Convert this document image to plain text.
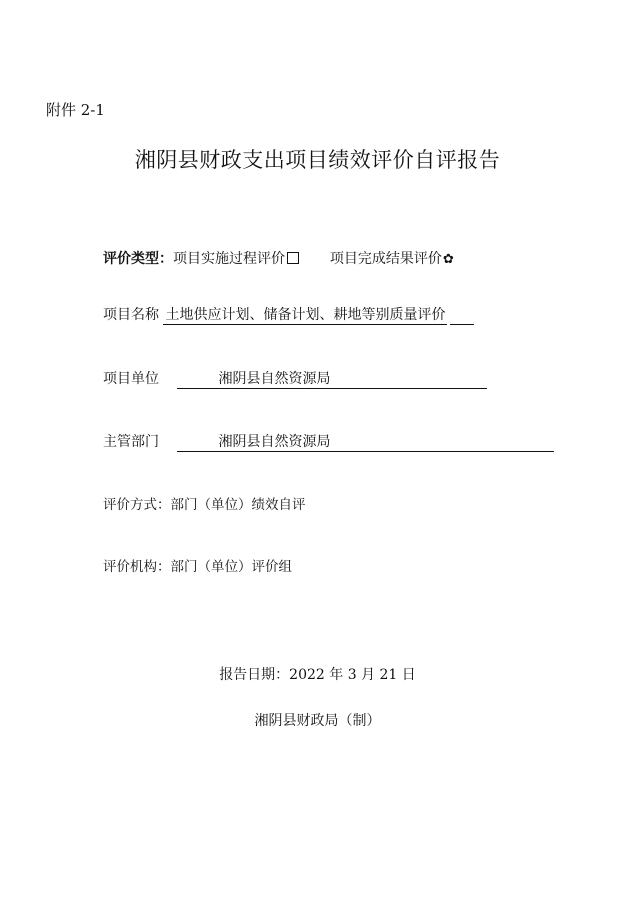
附件 2-1
湘阴县财政支出项目绩效评价自评报告
评价类型：项目实施过程评价	项目完成结果评价✿
项目名称 土地供应计划、储备计划、耕地等别质量评价
项目单位	湘阴县自然资源局
主管部门	湘阴县自然资源局
评价方式：部门（单位）绩效自评
评价机构：部门（单位）评价组
报告日期：2022 年 3 月 21 日
湘阴县财政局（制）
